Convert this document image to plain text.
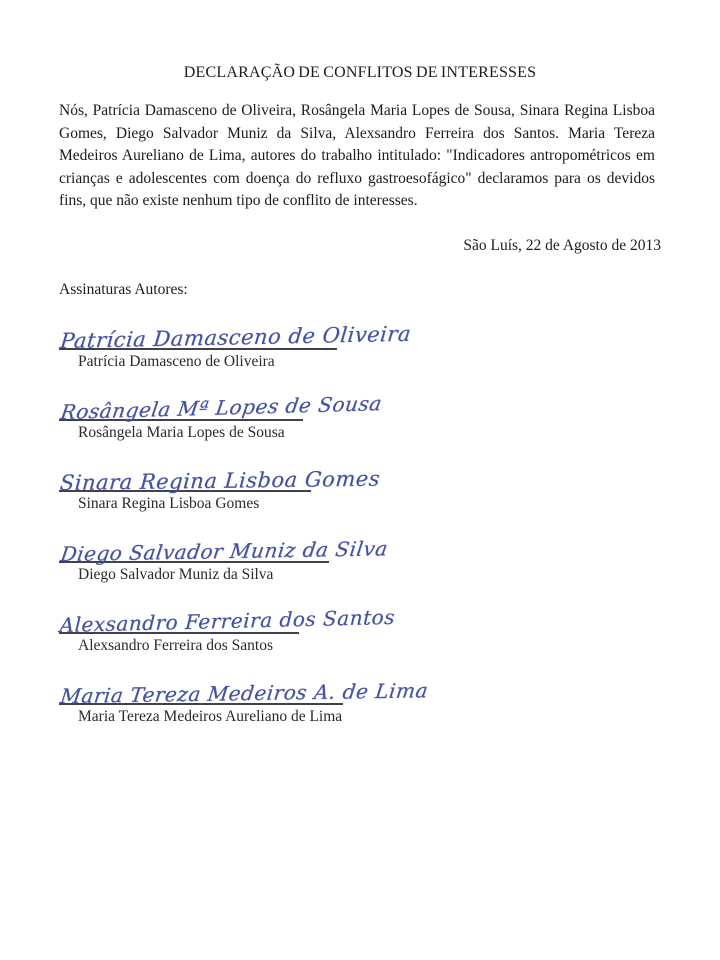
DECLARAÇÃO DE CONFLITOS DE INTERESSES
Nós, Patrícia Damasceno de Oliveira, Rosângela Maria Lopes de Sousa, Sinara Regina Lisboa Gomes, Diego Salvador Muniz da Silva, Alexsandro Ferreira dos Santos. Maria Tereza Medeiros Aureliano de Lima, autores do trabalho intitulado: "Indicadores antropométricos em crianças e adolescentes com doença do refluxo gastroesofágico" declaramos para os devidos fins, que não existe nenhum tipo de conflito de interesses.
São Luís, 22 de Agosto de 2013
Assinaturas Autores:
Patrícia Damasceno de Oliveira
Patrícia Damasceno de Oliveira
Rosângela Mª Lopes de Sousa
Rosângela Maria Lopes de Sousa
Sinara Regina Lisboa Gomes
Sinara Regina Lisboa Gomes
Diego Salvador Muniz da Silva
Diego Salvador Muniz da Silva
Alexsandro Ferreira dos Santos
Alexsandro Ferreira dos Santos
Maria Tereza Medeiros A. de Lima
Maria Tereza Medeiros Aureliano de Lima
